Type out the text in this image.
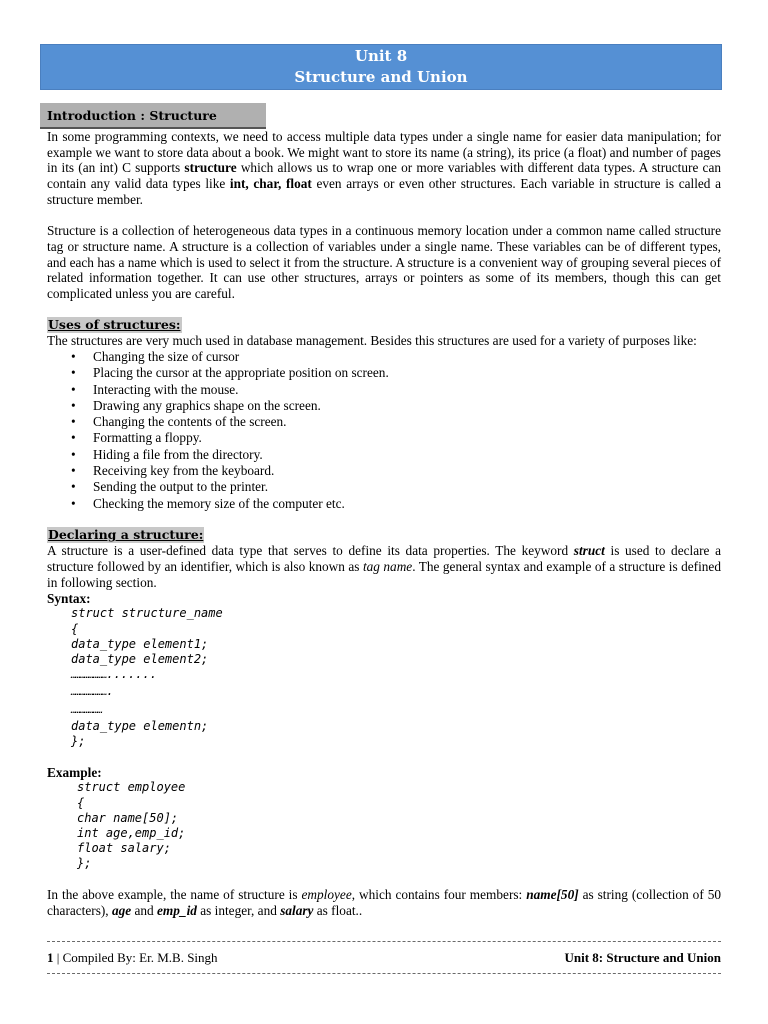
Unit 8
Structure and Union
Introduction : Structure

In some programming contexts, we need to access multiple data types under a single name for easier data manipulation; for example we want to store data about a book. We might want to store its name (a string), its price (a float) and number of pages in its (an int) C supports structure which allows us to wrap one or more variables with different data types. A structure can contain any valid data types like int, char, float even arrays or even other structures. Each variable in structure is called a structure member.

Structure is a collection of heterogeneous data types in a continuous memory location under a common name called structure tag or structure name. A structure is a collection of variables under a single name. These variables can be of different types, and each has a name which is used to select it from the structure. A structure is a convenient way of grouping several pieces of related information together. It can use other structures, arrays or pointers as some of its members, though this can get complicated unless you are careful.

Uses of structures:

The structures are very much used in database management. Besides this structures are used for a variety of purposes like:

• Changing the size of cursor
• Placing the cursor at the appropriate position on screen.
• Interacting with the mouse.
• Drawing any graphics shape on the screen.
• Changing the contents of the screen.
• Formatting a floppy.
• Hiding a file from the directory.
• Receiving key from the keyboard.
• Sending the output to the printer.
• Checking the memory size of the computer etc.
Declaring a structure:

A structure is a user-defined data type that serves to define its data properties. The keyword struct is used to declare a structure followed by an identifier, which is also known as tag name. The general syntax and example of a structure is defined in following section.

Syntax:
struct structure_name
{
data_type element1;
data_type element2;
…………………….......
…………………….
…………………
data_type elementn;
};
Example:
struct employee
{
char name[50];
int age,emp_id;
float salary;
};

In the above example, the name of structure is employee, which contains four members: name[50] as string (collection of 50 characters), age and emp_id as integer, and salary as float..

1 | Compiled By: Er. M.B. Singh	Unit 8: Structure and Union
